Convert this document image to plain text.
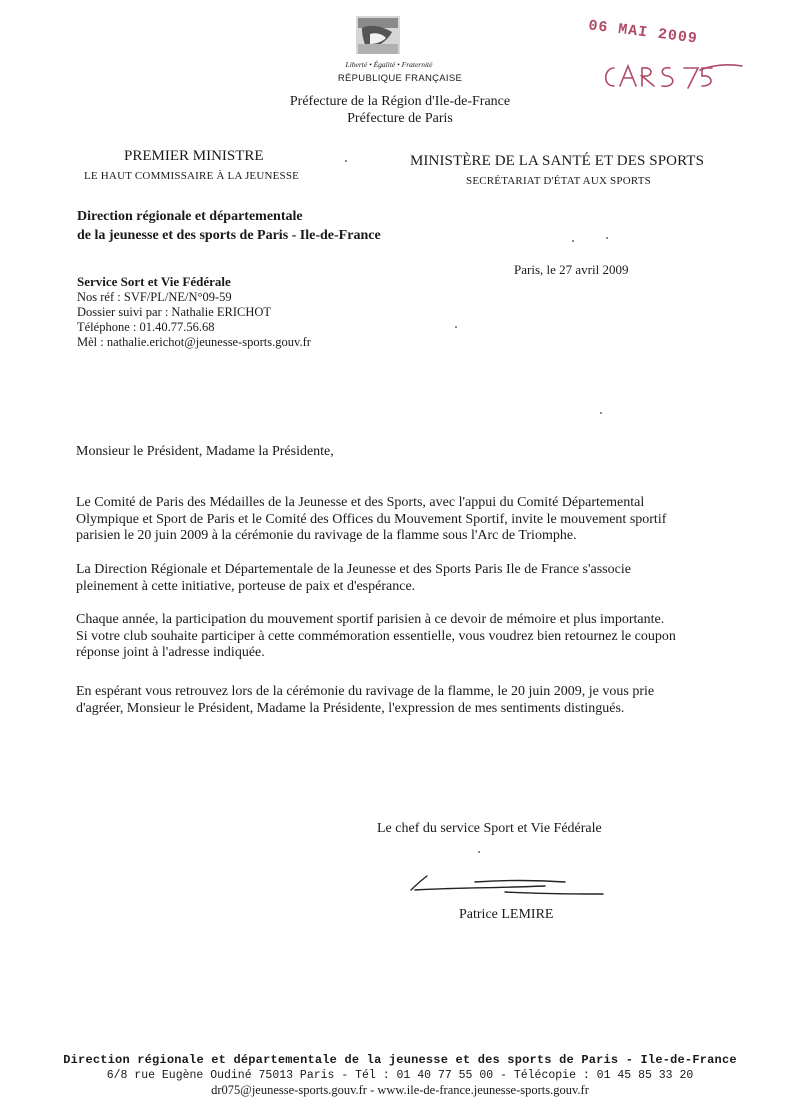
Liberté • Égalité • Fraternité
RÉPUBLIQUE FRANÇAISE
Préfecture de la Région d'Ile-de-France
Préfecture de Paris
06 MAI 2009
PREMIER MINISTRE
LE HAUT COMMISSAIRE À LA JEUNESSE
MINISTÈRE DE LA SANTÉ ET DES SPORTS
SECRÉTARIAT D'ÉTAT AUX SPORTS
Direction régionale et départementale
de la jeunesse et des sports de Paris - Ile-de-France
Paris, le 27 avril 2009
Service Sort et Vie Fédérale
Nos réf : SVF/PL/NE/N°09-59
Dossier suivi par : Nathalie ERICHOT
Téléphone : 01.40.77.56.68
Mèl : nathalie.erichot@jeunesse-sports.gouv.fr
Monsieur le Président, Madame la Présidente,
Le Comité de Paris des Médailles de la Jeunesse et des Sports, avec l'appui du Comité Départemental
Olympique et Sport de Paris et le Comité des Offices du Mouvement Sportif, invite le mouvement sportif
parisien le 20 juin 2009 à la cérémonie du ravivage de la flamme sous l'Arc de Triomphe.
La Direction Régionale et Départementale de la Jeunesse et des Sports Paris Ile de France s'associe
pleinement à cette initiative, porteuse de paix et d'espérance.
Chaque année, la participation du mouvement sportif parisien à ce devoir de mémoire et plus importante.
Si votre club souhaite participer à cette commémoration essentielle, vous voudrez bien retournez le coupon
réponse joint à l'adresse indiquée.
En espérant vous retrouvez lors de la cérémonie du ravivage de la flamme, le 20 juin 2009, je vous prie
d'agréer, Monsieur le Président, Madame la Présidente, l'expression de mes sentiments distingués.
Le chef du service Sport et Vie Fédérale
Patrice LEMIRE
Direction régionale et départementale de la jeunesse et des sports de Paris - Ile-de-France
6/8 rue Eugène Oudiné 75013 Paris - Tél : 01 40 77 55 00 - Télécopie : 01 45 85 33 20
dr075@jeunesse-sports.gouv.fr - www.ile-de-france.jeunesse-sports.gouv.fr
